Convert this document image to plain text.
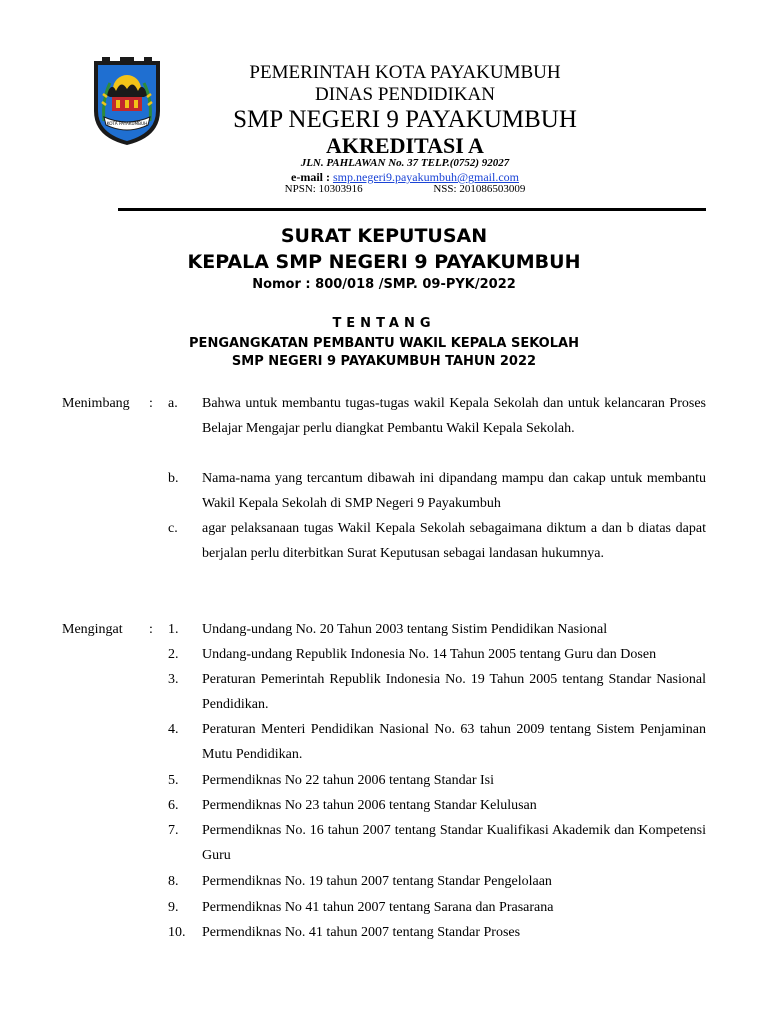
KOTA PAYAKUMBUH
PEMERINTAH KOTA PAYAKUMBUH
DINAS PENDIDIKAN
SMP NEGERI 9 PAYAKUMBUH
AKREDITASI A
JLN. PAHLAWAN No. 37 TELP.(0752) 92027
e-mail : smp.negeri9.payakumbuh@gmail.com
NPSN: 10303916	NSS: 201086503009
SURAT KEPUTUSAN
KEPALA SMP NEGERI 9 PAYAKUMBUH
Nomor : 800/018 /SMP. 09-PYK/2022
TENTANG
PENGANGKATAN PEMBANTU WAKIL KEPALA SEKOLAH
SMP NEGERI 9 PAYAKUMBUH TAHUN 2022
Menimbang : a. Bahwa untuk membantu tugas-tugas wakil Kepala Sekolah dan untuk kelancaran Proses Belajar Mengajar perlu diangkat Pembantu Wakil Kepala Sekolah.
b. Nama-nama yang tercantum dibawah ini dipandang mampu dan cakap untuk membantu Wakil Kepala Sekolah di SMP Negeri 9 Payakumbuh
c. agar pelaksanaan tugas Wakil Kepala Sekolah sebagaimana diktum a dan b diatas dapat berjalan perlu diterbitkan Surat Keputusan sebagai landasan hukumnya.
Mengingat : 1. Undang-undang No. 20 Tahun 2003 tentang Sistim Pendidikan Nasional
2. Undang-undang Republik Indonesia No. 14 Tahun 2005 tentang Guru dan Dosen
3. Peraturan Pemerintah Republik Indonesia No. 19 Tahun 2005 tentang Standar Nasional Pendidikan.
4. Peraturan Menteri Pendidikan Nasional No. 63 tahun 2009 tentang Sistem Penjaminan Mutu Pendidikan.
5. Permendiknas No 22 tahun 2006 tentang Standar Isi
6. Permendiknas No 23 tahun 2006 tentang Standar Kelulusan
7. Permendiknas No. 16 tahun 2007 tentang Standar Kualifikasi Akademik dan Kompetensi Guru
8. Permendiknas No. 19 tahun 2007 tentang Standar Pengelolaan
9. Permendiknas No 41 tahun 2007 tentang Sarana dan Prasarana
10. Permendiknas No. 41 tahun 2007 tentang Standar Proses
